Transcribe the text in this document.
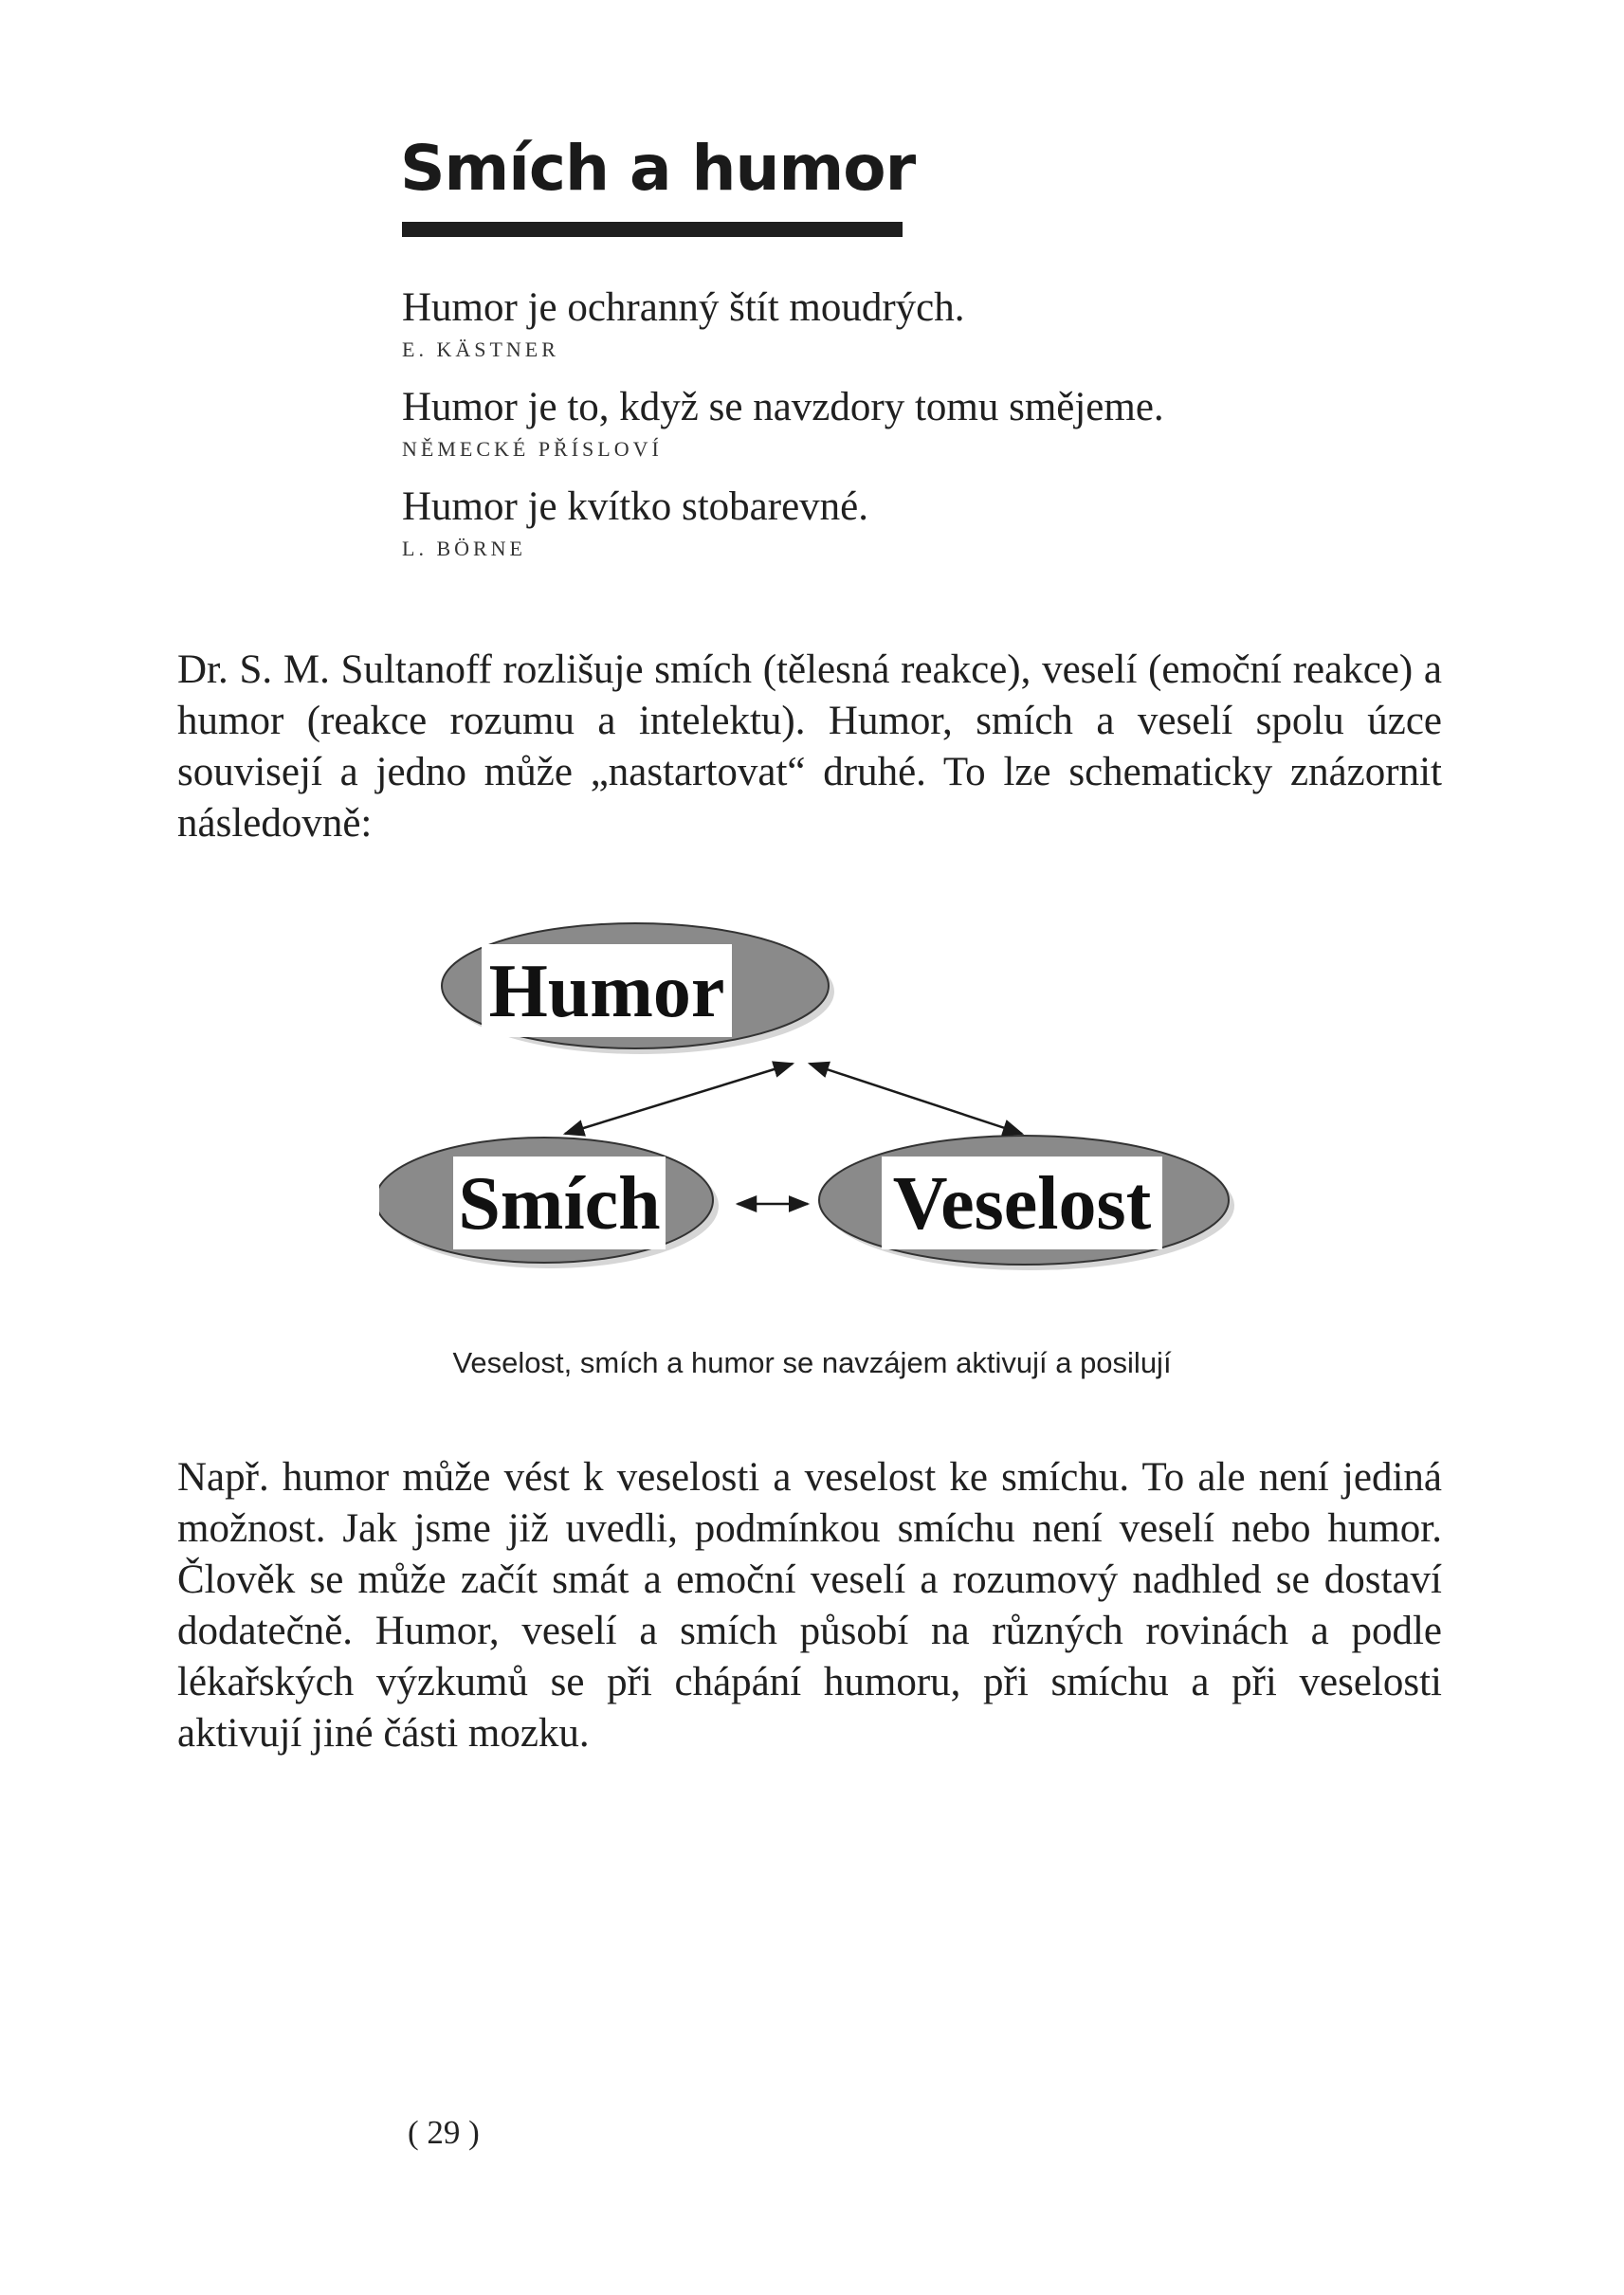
Smích a humor
Humor je ochranný štít moudrých.
E. KÄSTNER
Humor je to, když se navzdory tomu smějeme.
NĚMECKÉ PŘÍSLOVÍ
Humor je kvítko stobarevné.
L. BÖRNE

Dr. S. M. Sultanoff rozlišuje smích (tělesná reakce), veselí (emoční reakce) a humor (reakce rozumu a intelektu). Humor, smích a veselí spolu úzce souvisejí a jedno může „nastartovat“ druhé. To lze schematicky znázornit následovně:

Humor
Smích	Veselost
Veselost, smích a humor se navzájem aktivují a posilují

Např. humor může vést k veselosti a veselost ke smíchu. To ale není jediná možnost. Jak jsme již uvedli, podmínkou smíchu není veselí nebo humor. Člověk se může začít smát a emoční veselí a rozumový nadhled se dostaví dodatečně. Humor, veselí a smích působí na různých rovinách a podle lékařských výzkumů se při chápání humoru, při smíchu a při veselosti aktivují jiné části mozku.

( 29 )
